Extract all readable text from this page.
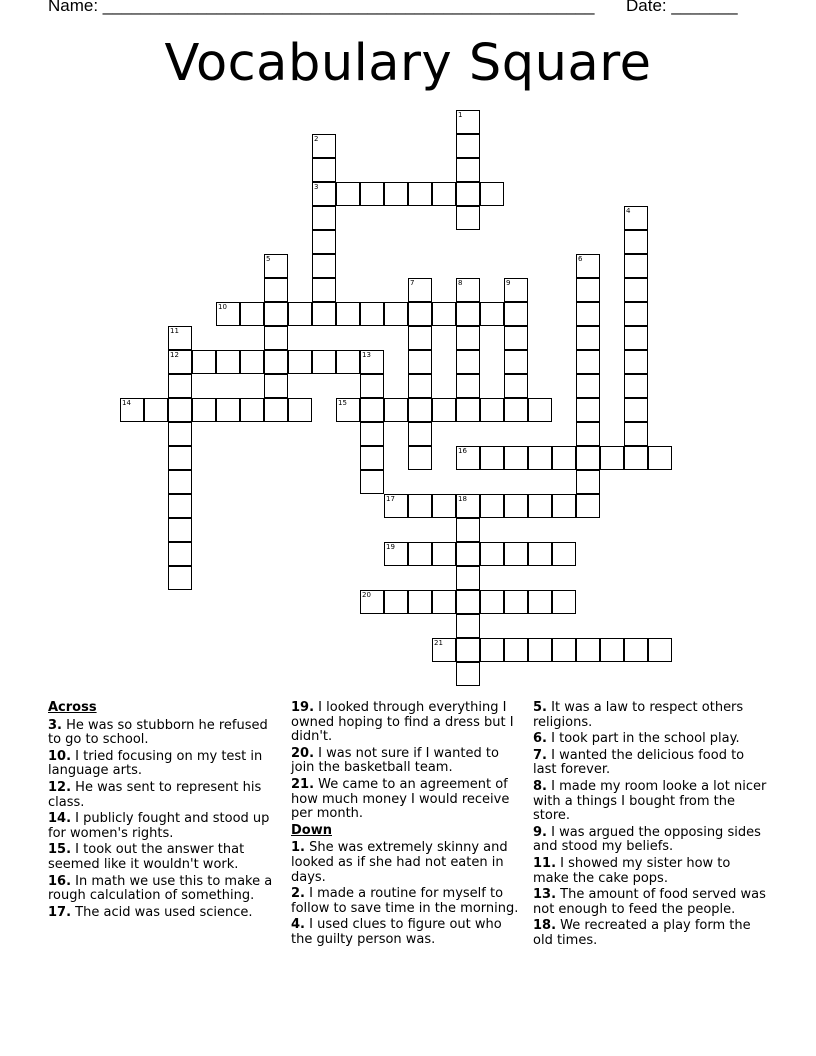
Name: ____________________________________________________ Date: _______
Vocabulary Square
3
10
12
14	15
16
17	18
19
20
21
1
2
4
5	6
7	8	9
11
13
Across
3. He was so stubborn he refused to go to school.
10. I tried focusing on my test in language arts.
12. He was sent to represent his class.
14. I publicly fought and stood up for women's rights.
15. I took out the answer that seemed like it wouldn't work.
16. In math we use this to make a rough calculation of something.
17. The acid was used science.
19. I looked through everything I owned hoping to find a dress but I didn't.
20. I was not sure if I wanted to join the basketball team.
21. We came to an agreement of how much money I would receive per month.
Down
1. She was extremely skinny and looked as if she had not eaten in days.
2. I made a routine for myself to follow to save time in the morning.
4. I used clues to figure out who the guilty person was.
5. It was a law to respect others religions.
6. I took part in the school play.
7. I wanted the delicious food to last forever.
8. I made my room looke a lot nicer with a things I bought from the store.
9. I was argued the opposing sides and stood my beliefs.
11. I showed my sister how to make the cake pops.
13. The amount of food served was not enough to feed the people.
18. We recreated a play form the old times.
